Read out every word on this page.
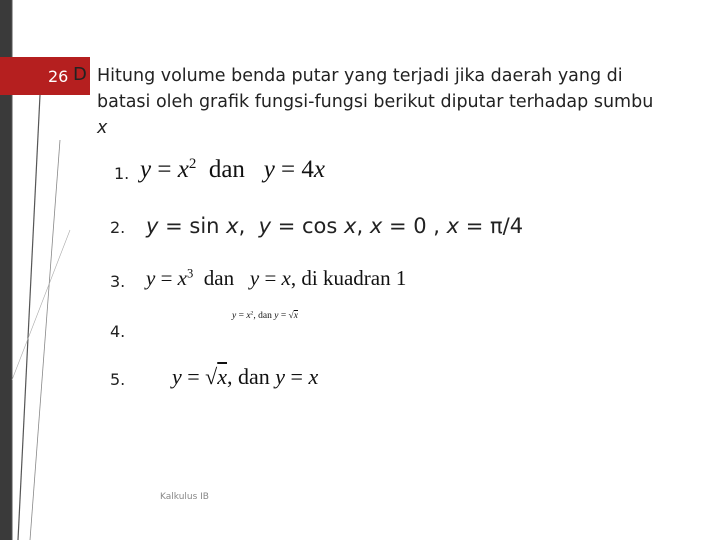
26 D Hitung volume benda putar yang terjadi jika daerah yang di batasi oleh grafik fungsi-fungsi berikut diputar terhadap sumbu x
1. $y = x^2$  dan   y = 4x
2. y = sin x,  y = cos x, x = 0 , x = π/4
3. $y = x^3$  dan   y = x, di kuadran 1
4.
$y = x^2$, dan y = √x
5. y = √x, dan y = x
Kalkulus IB
